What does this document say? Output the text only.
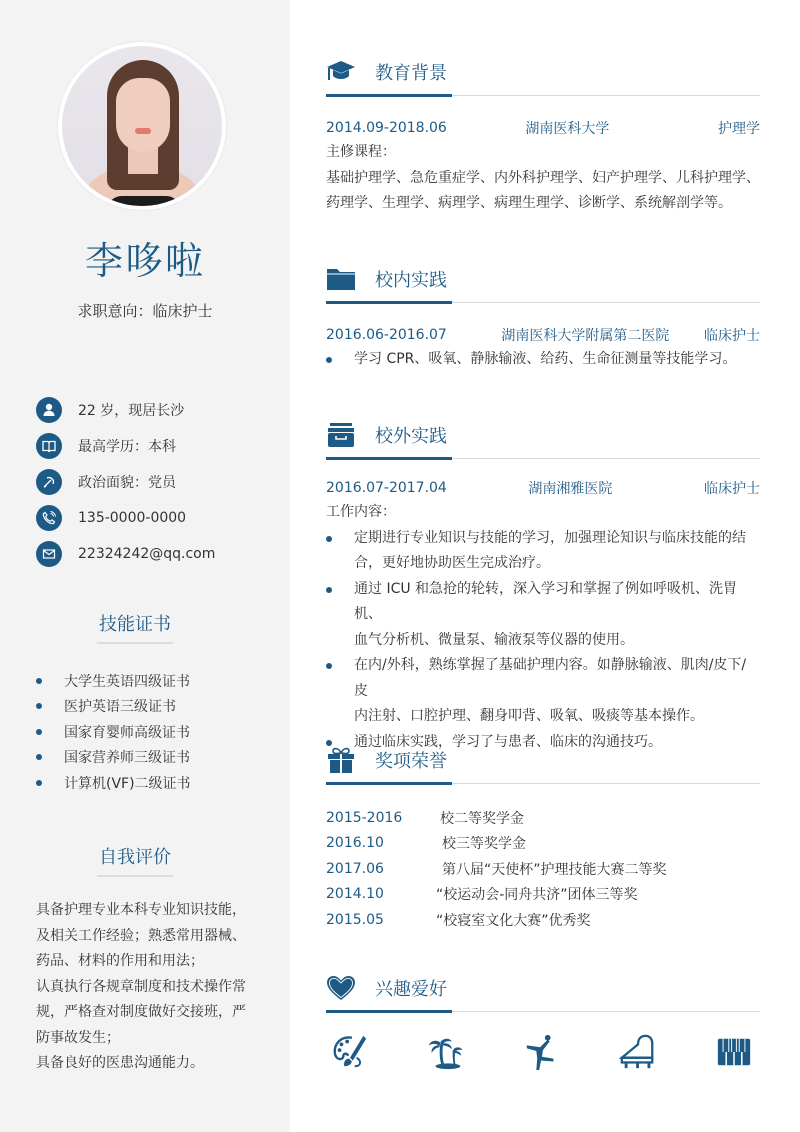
李哆啦
求职意向：临床护士
22 岁，现居长沙
最高学历：本科
政治面貌：党员
135-0000-0000
22324242@qq.com
技能证书
大学生英语四级证书
医护英语三级证书
国家育婴师高级证书
国家营养师三级证书
计算机(VF)二级证书
自我评价
具备护理专业本科专业知识技能，
及相关工作经验；熟悉常用器械、
药品、材料的作用和用法；
认真执行各规章制度和技术操作常
规，严格查对制度做好交接班，严
防事故发生；
具备良好的医患沟通能力。
教育背景
2014.09-2018.06	湖南医科大学	护理学
主修课程：
基础护理学、急危重症学、内外科护理学、妇产护理学、儿科护理学、
药理学、生理学、病理学、病理生理学、诊断学、系统解剖学等。
校内实践
2016.06-2016.07	湖南医科大学附属第二医院 临床护士
学习 CPR、吸氧、静脉输液、给药、生命征测量等技能学习。
校外实践
2016.07-2017.04	湖南湘雅医院	临床护士
工作内容：
定期进行专业知识与技能的学习，加强理论知识与临床技能的结
合，更好地协助医生完成治疗。
通过 ICU 和急抢的轮转，深入学习和掌握了例如呼吸机、洗胃机、
血气分析机、微量泵、输液泵等仪器的使用。
在内/外科，熟练掌握了基础护理内容。如静脉输液、肌肉/皮下/皮
内注射、口腔护理、翻身叩背、吸氧、吸痰等基本操作。
通过临床实践，学习了与患者、临床的沟通技巧。
奖项荣誉
2015-2016	校二等奖学金
2016.10	校三等奖学金
2017.06	第八届“天使杯”护理技能大赛二等奖
2014.10	“校运动会-同舟共济”团体三等奖
2015.05	“校寝室文化大赛”优秀奖
兴趣爱好
